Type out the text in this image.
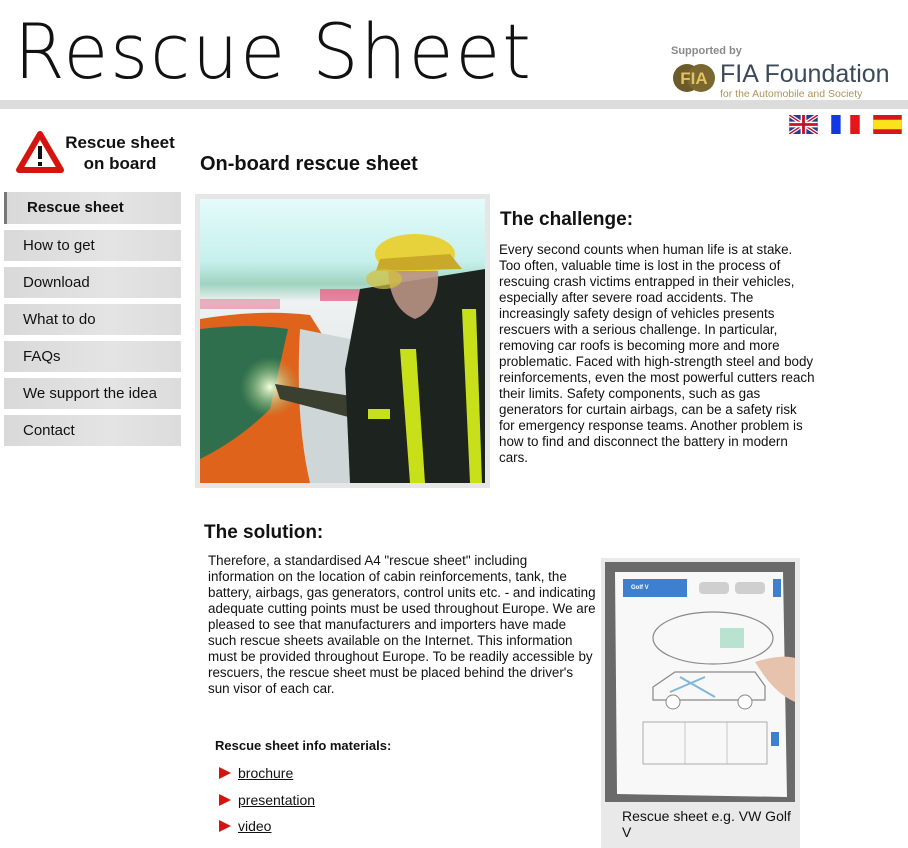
Rescue Sheet	Supported by
FIA FIA Foundation
for the Automobile and Society
Rescue sheet
on board
Rescue sheet
How to get
Download
What to do
FAQs
We support the idea
Contact
On-board rescue sheet
The challenge:

Every second counts when human life is at stake. Too often, valuable time is lost in the process of rescuing crash victims entrapped in their vehicles, especially after severe road accidents. The increasingly safety design of vehicles presents rescuers with a serious challenge. In particular, removing car roofs is becoming more and more problematic. Faced with high-strength steel and body reinforcements, even the most powerful cutters reach their limits. Safety components, such as gas generators for curtain airbags, can be a safety risk for emergency response teams. Another problem is how to find and disconnect the battery in modern cars.

The solution:

Therefore, a standardised A4 "rescue sheet" including information on the location of cabin reinforcements, tank, the battery, airbags, gas generators, control units etc. - and indicating adequate cutting points must be used throughout Europe. We are pleased to see that manufacturers and importers have made such rescue sheets available on the Internet. This information must be provided throughout Europe. To be readily accessible by rescuers, the rescue sheet must be placed behind the driver's sun visor of each car.

Rescue sheet info materials:
brochure
presentation
video
Golf V
Rescue sheet e.g. VW Golf V
